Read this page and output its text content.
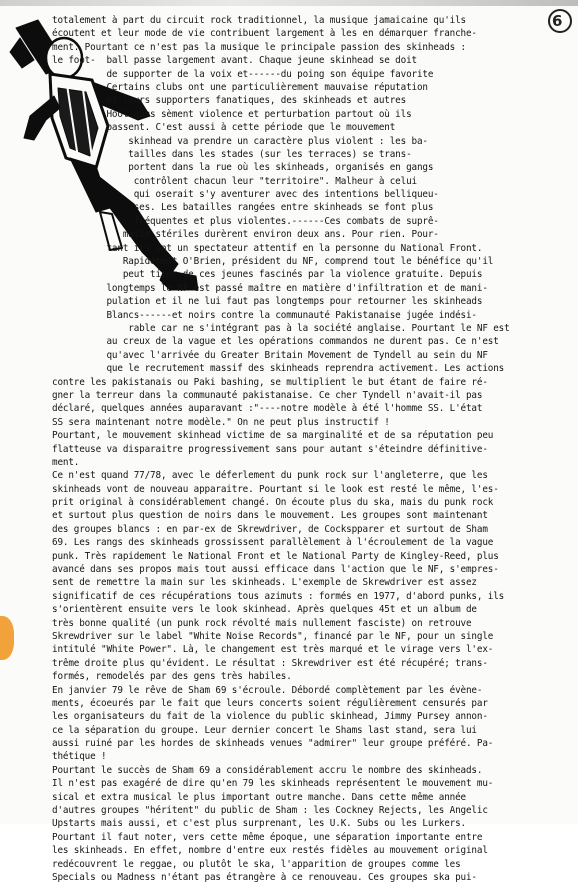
6
totalement à part du circuit rock traditionnel, la musique jamaicaine qu'ils
écoutent et leur mode de vie contribuent largement à les en démarquer franche-
ment. Pourtant ce n'est pas la musique le principale passion des skinheads :
le foot-  ball passe largement avant. Chaque jeune skinhead se doit
de supporter de la voix et------du poing son équipe favorite
Certains clubs ont une particulièrement mauvaise réputation
et leurs supporters fanatiques, des skinheads et autres
Hooligans sèment violence et perturbation partout où ils
passent. C'est aussi à cette période que le mouvement
skinhead va prendre un caractère plus violent : les ba-
tailles dans les stades (sur les terraces) se trans-
portent dans la rue où les skinheads, organisés en gangs
contrôlent chacun leur "territoire". Malheur à celui
qui oserait s'y aventurer avec des intentions belliqueu-
ses. Les batailles rangées entre skinheads se font plus
fréquentes et plus violentes.------Ces combats de suprê-
matie stériles durèrent environ deux ans. Pour rien. Pour-
tant ils ont un spectateur attentif en la personne du National Front.
Rapidement O'Brien, président du NF, comprend tout le bénéfice qu'il
peut tirer de ces jeunes fascinés par la violence gratuite. Depuis
longtemps le NF est passé maître en matière d'infiltration et de mani-
pulation et il ne lui faut pas longtemps pour retourner les skinheads
Blancs------et noirs contre la communauté Pakistanaise jugée indési-
rable car ne s'intégrant pas à la société anglaise. Pourtant le NF est
au creux de la vague et les opérations commandos ne durent pas. Ce n'est
qu'avec l'arrivée du Greater Britain Movement de Tyndell au sein du NF
que le recrutement massif des skinheads reprendra activement. Les actions
contre les pakistanais ou Paki bashing, se multiplient le but étant de faire ré-
gner la terreur dans la communauté pakistanaise. Ce cher Tyndell n'avait-il pas
déclaré, quelques années auparavant :"----notre modèle à été l'homme SS. L'état
SS sera maintenant notre modèle." On ne peut plus instructif !
Pourtant, le mouvement skinhead victime de sa marginalité et de sa réputation peu
flatteuse va disparaitre progressivement sans pour autant s'éteindre définitive-
ment.
Ce n'est quand 77/78, avec le déferlement du punk rock sur l'angleterre, que les
skinheads vont de nouveau apparaitre. Pourtant si le look est resté le même, l'es-
prit original à considérablement changé. On écoute plus du ska, mais du punk rock
et surtout plus question de noirs dans le mouvement. Les groupes sont maintenant
des groupes blancs : en par-ex de Skrewdriver, de Cockspparer et surtout de Sham
69. Les rangs des skinheads grossissent parallèlement à l'écroulement de la vague
punk. Très rapidement le National Front et le National Party de Kingley-Reed, plus
avancé dans ses propos mais tout aussi efficace dans l'action que le NF, s'empres-
sent de remettre la main sur les skinheads. L'exemple de Skrewdriver est assez
significatif de ces récupérations tous azimuts : formés en 1977, d'abord punks, ils
s'orientèrent ensuite vers le look skinhead. Après quelques 45t et un album de
très bonne qualité (un punk rock révolté mais nullement fasciste) on retrouve
Skrewdriver sur le label "White Noise Records", financé par le NF, pour un single
intitulé "White Power". Là, le changement est très marqué et le virage vers l'ex-
trême droite plus qu'évident. Le résultat : Skrewdriver est été récupéré; trans-
formés, remodelés par des gens très habiles.
En janvier 79 le rêve de Sham 69 s'écroule. Débordé complètement par les évène-
ments, écoeurés par le fait que leurs concerts soient régulièrement censurés par
les organisateurs du fait de la violence du public skinhead, Jimmy Pursey annon-
ce la séparation du groupe. Leur dernier concert le Shams last stand, sera lui
aussi ruiné par les hordes de skinheads venues "admirer" leur groupe préféré. Pa-
thétique !
Pourtant le succès de Sham 69 a considérablement accru le nombre des skinheads.
Il n'est pas exagéré de dire qu'en 79 les skinheads représentent le mouvement mu-
sical et extra musical le plus important outre manche. Dans cette même année
d'autres groupes "héritent" du public de Sham : les Cockney Rejects, les Angelic
Upstarts mais aussi, et c'est plus surprenant, les U.K. Subs ou les Lurkers.
Pourtant il faut noter, vers cette même époque, une séparation importante entre
les skinheads. En effet, nombre d'entre eux restés fidèles au mouvement original
redécouvrent le reggae, ou plutôt le ska, l'apparition de groupes comme les
Specials ou Madness n'étant pas étrangère à ce renouveau. Ces groupes ska pui-
